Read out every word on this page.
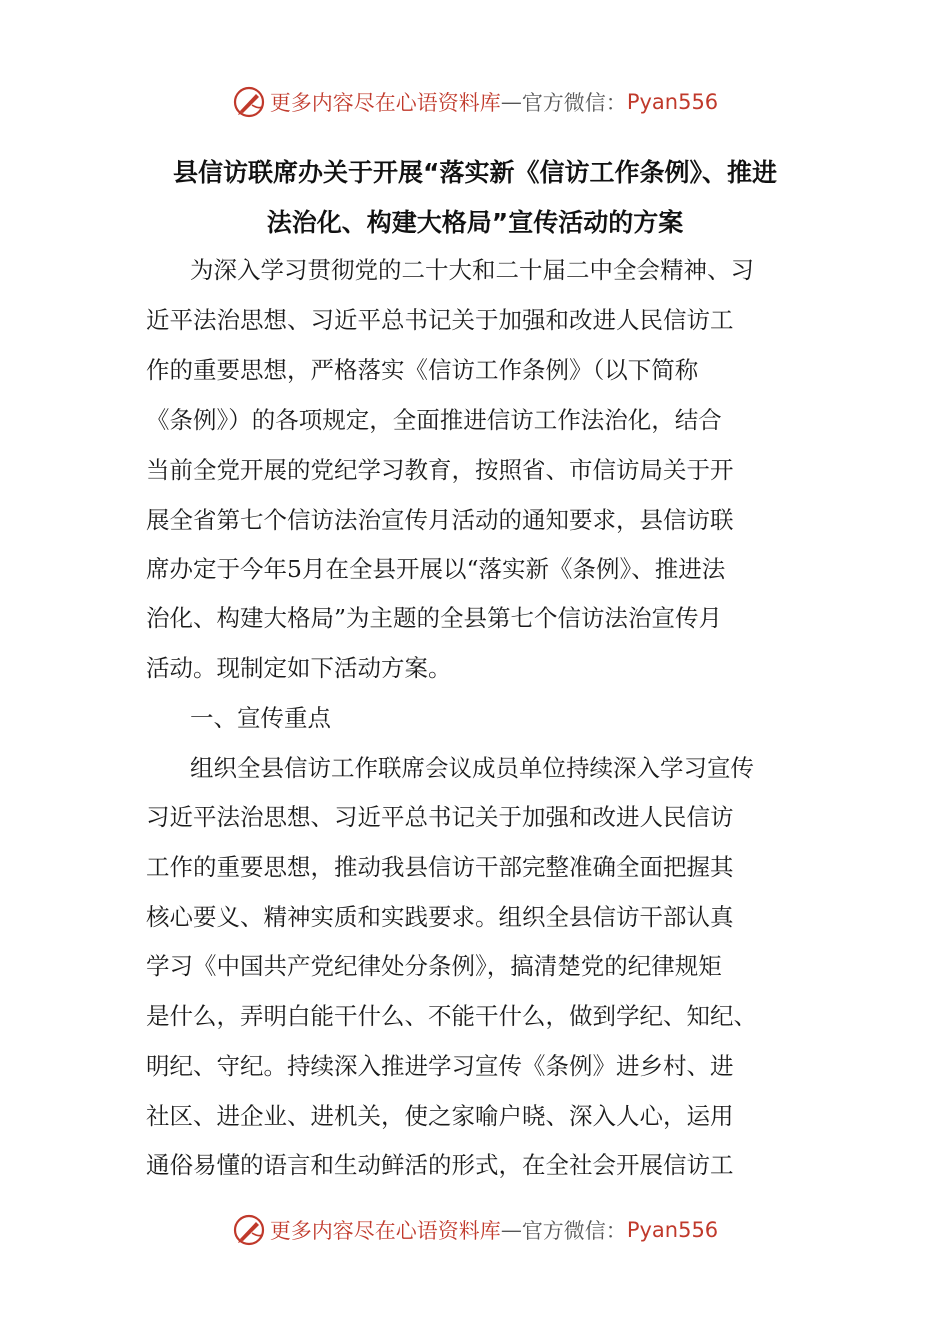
更多内容尽在心语资料库 — 官方微信： Pyan556
县信访联席办关于开展“落实新《信访工作条例》、推进
法治化、构建大格局”宣传活动的方案
为深入学习贯彻党的二十大和二十届二中全会精神、习
近平法治思想、习近平总书记关于加强和改进人民信访工
作的重要思想，严格落实《信访工作条例》（以下简称
《条例》）的各项规定，全面推进信访工作法治化，结合
当前全党开展的党纪学习教育，按照省、市信访局关于开
展全省第七个信访法治宣传月活动的通知要求，县信访联
席办定于今年5月在全县开展以“落实新《条例》、推进法
治化、构建大格局”为主题的全县第七个信访法治宣传月
活动。现制定如下活动方案。
一、宣传重点
组织全县信访工作联席会议成员单位持续深入学习宣传
习近平法治思想、习近平总书记关于加强和改进人民信访
工作的重要思想，推动我县信访干部完整准确全面把握其
核心要义、精神实质和实践要求。组织全县信访干部认真
学习《中国共产党纪律处分条例》，搞清楚党的纪律规矩
是什么，弄明白能干什么、不能干什么，做到学纪、知纪、
明纪、守纪。持续深入推进学习宣传《条例》进乡村、进
社区、进企业、进机关，使之家喻户晓、深入人心，运用
通俗易懂的语言和生动鲜活的形式，在全社会开展信访工
更多内容尽在心语资料库 — 官方微信： Pyan556
